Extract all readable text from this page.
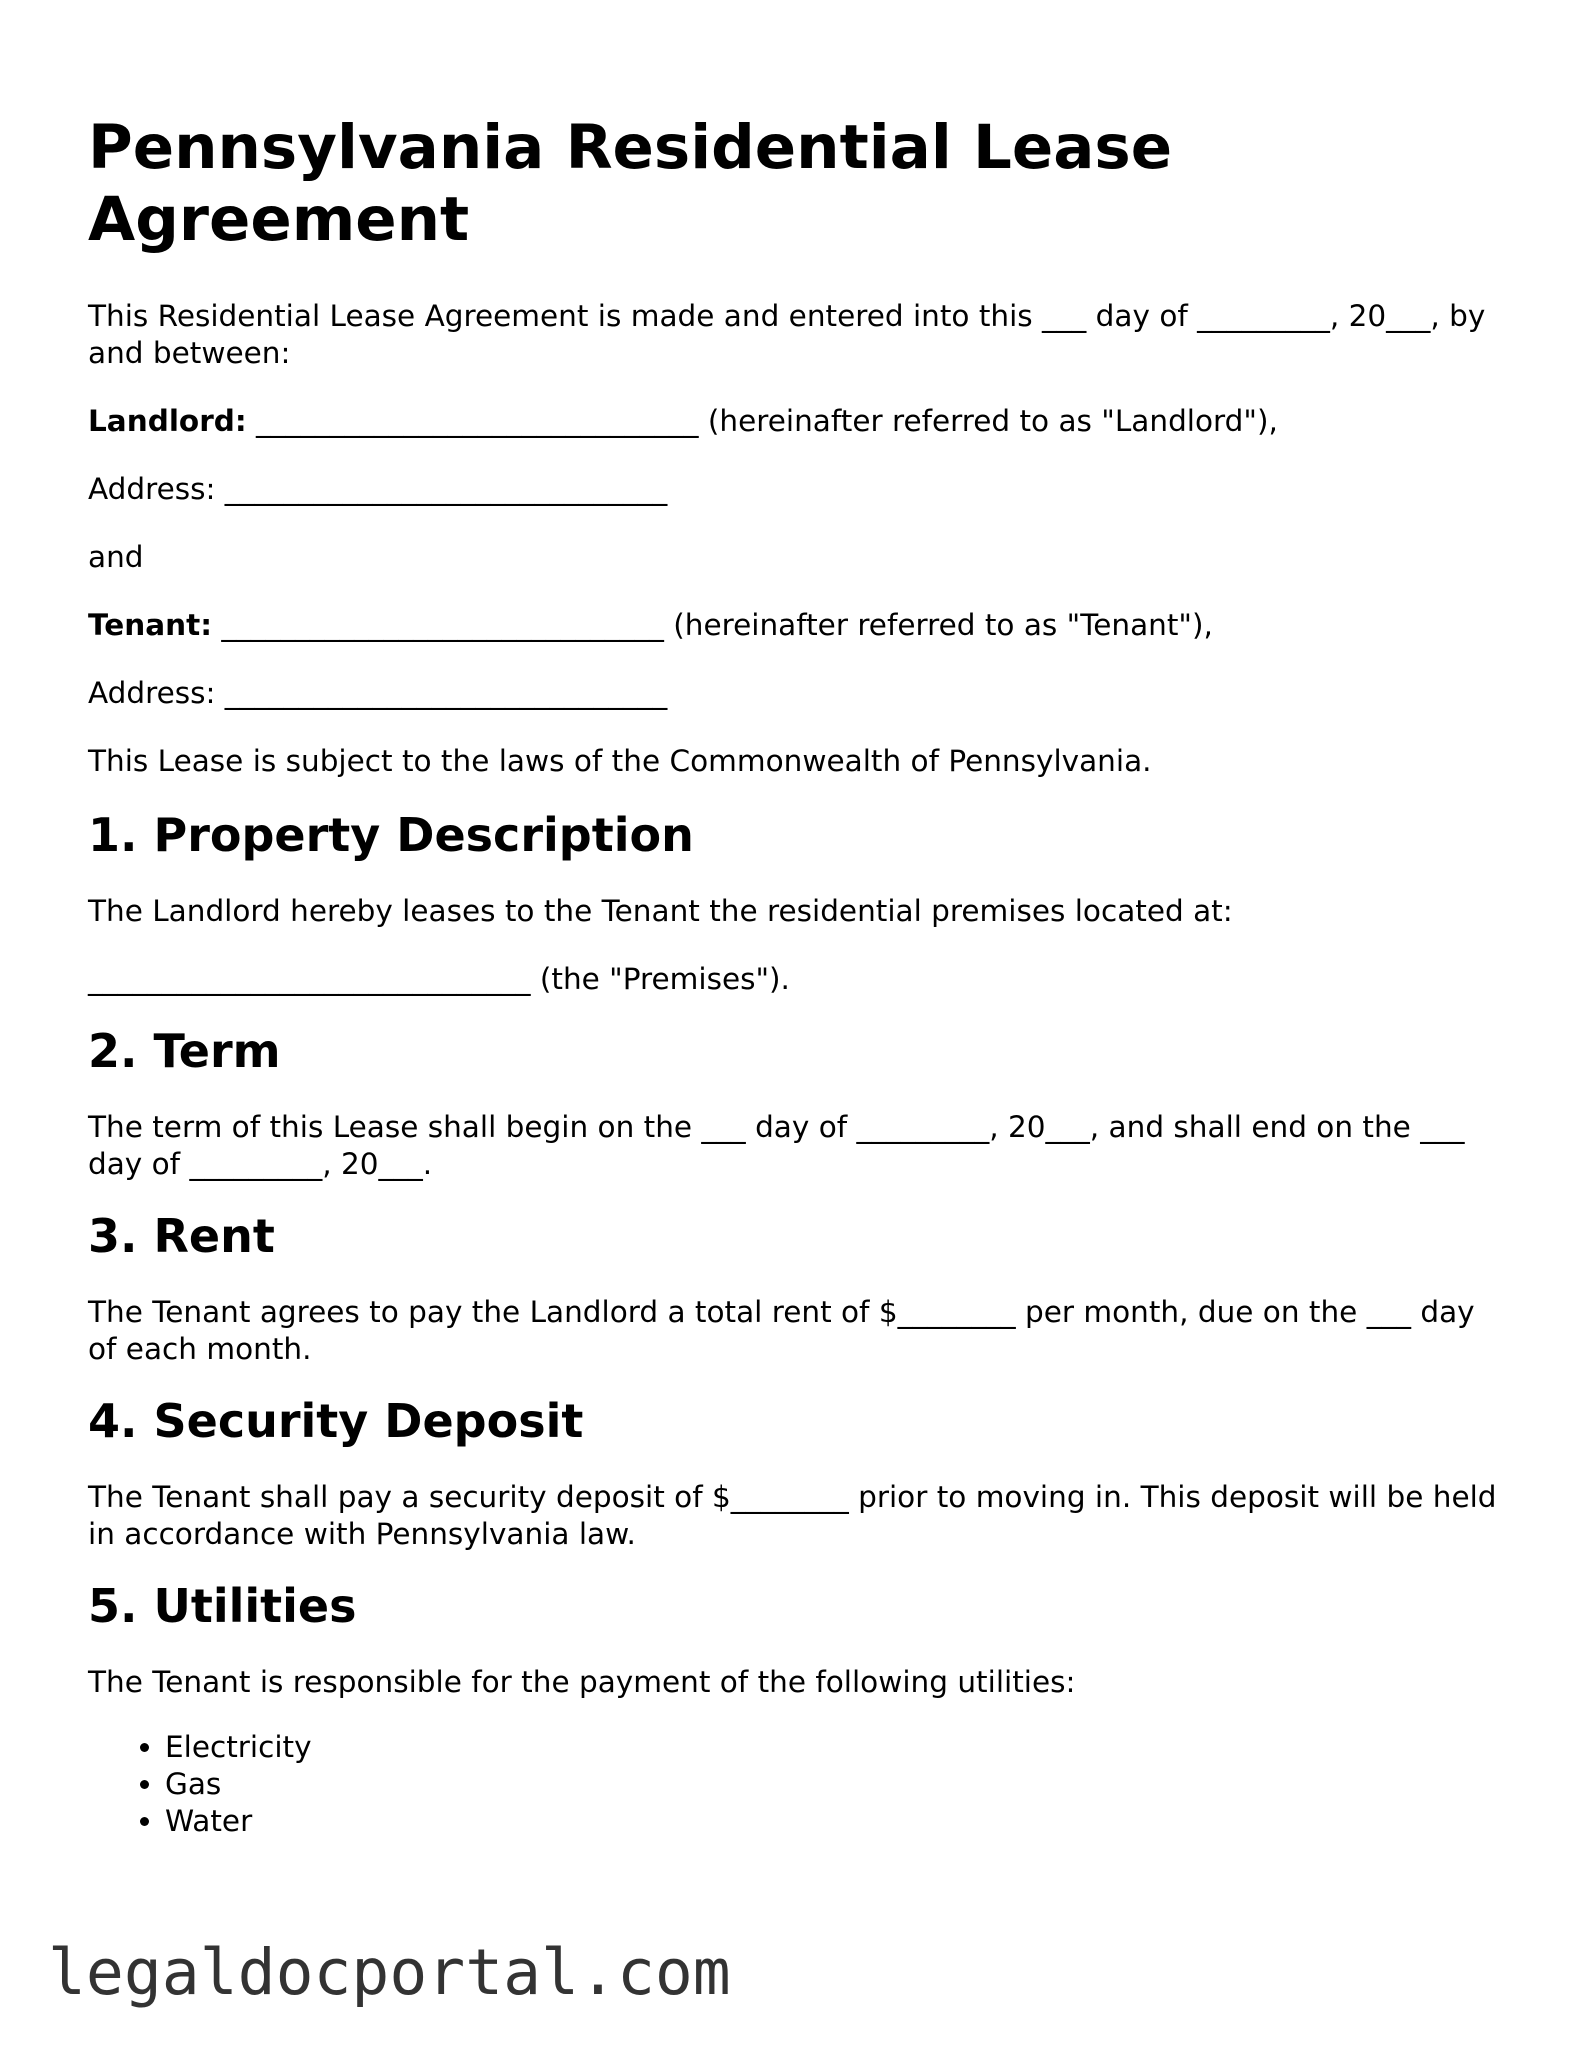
Pennsylvania Residential Lease Agreement

This Residential Lease Agreement is made and entered into this ___ day of _________, 20___, by and between:

Landlord: ______________________________ (hereinafter referred to as "Landlord"),

Address: ______________________________

and

Tenant: ______________________________ (hereinafter referred to as "Tenant"),

Address: ______________________________

This Lease is subject to the laws of the Commonwealth of Pennsylvania.

1. Property Description

The Landlord hereby leases to the Tenant the residential premises located at:

______________________________ (the "Premises").

2. Term

The term of this Lease shall begin on the ___ day of _________, 20___, and shall end on the ___ day of _________, 20___.

3. Rent

The Tenant agrees to pay the Landlord a total rent of $________ per month, due on the ___ day of each month.

4. Security Deposit

The Tenant shall pay a security deposit of $________ prior to moving in. This deposit will be held in accordance with Pennsylvania law.

5. Utilities

The Tenant is responsible for the payment of the following utilities:

• Electricity
• Gas
• Water
legaldocportal.com
